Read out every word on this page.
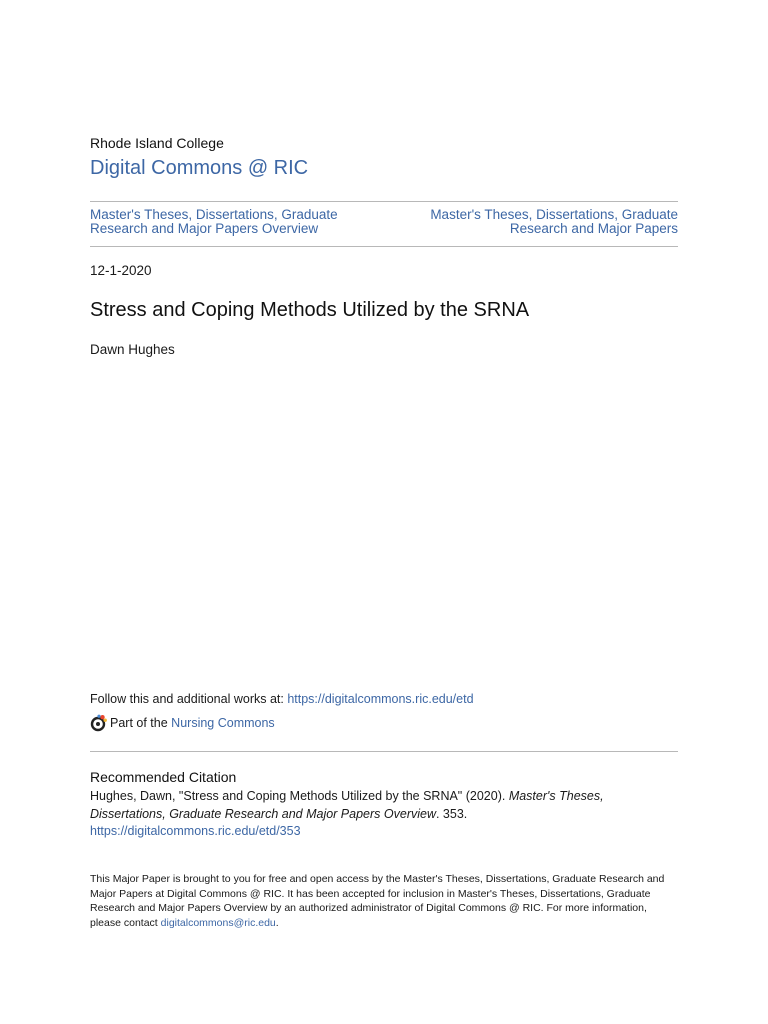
Rhode Island College
Digital Commons @ RIC
Master's Theses, Dissertations, Graduate Research and Major Papers Overview
Master's Theses, Dissertations, Graduate Research and Major Papers
12-1-2020
Stress and Coping Methods Utilized by the SRNA
Dawn Hughes
Follow this and additional works at: https://digitalcommons.ric.edu/etd
Part of the
Nursing Commons
Recommended Citation
Hughes, Dawn, "Stress and Coping Methods Utilized by the SRNA" (2020). Master's Theses, Dissertations, Graduate Research and Major Papers Overview. 353.
https://digitalcommons.ric.edu/etd/353
This Major Paper is brought to you for free and open access by the Master's Theses, Dissertations, Graduate Research and Major Papers at Digital Commons @ RIC. It has been accepted for inclusion in Master's Theses, Dissertations, Graduate Research and Major Papers Overview by an authorized administrator of Digital Commons @ RIC. For more information, please contact digitalcommons@ric.edu.
